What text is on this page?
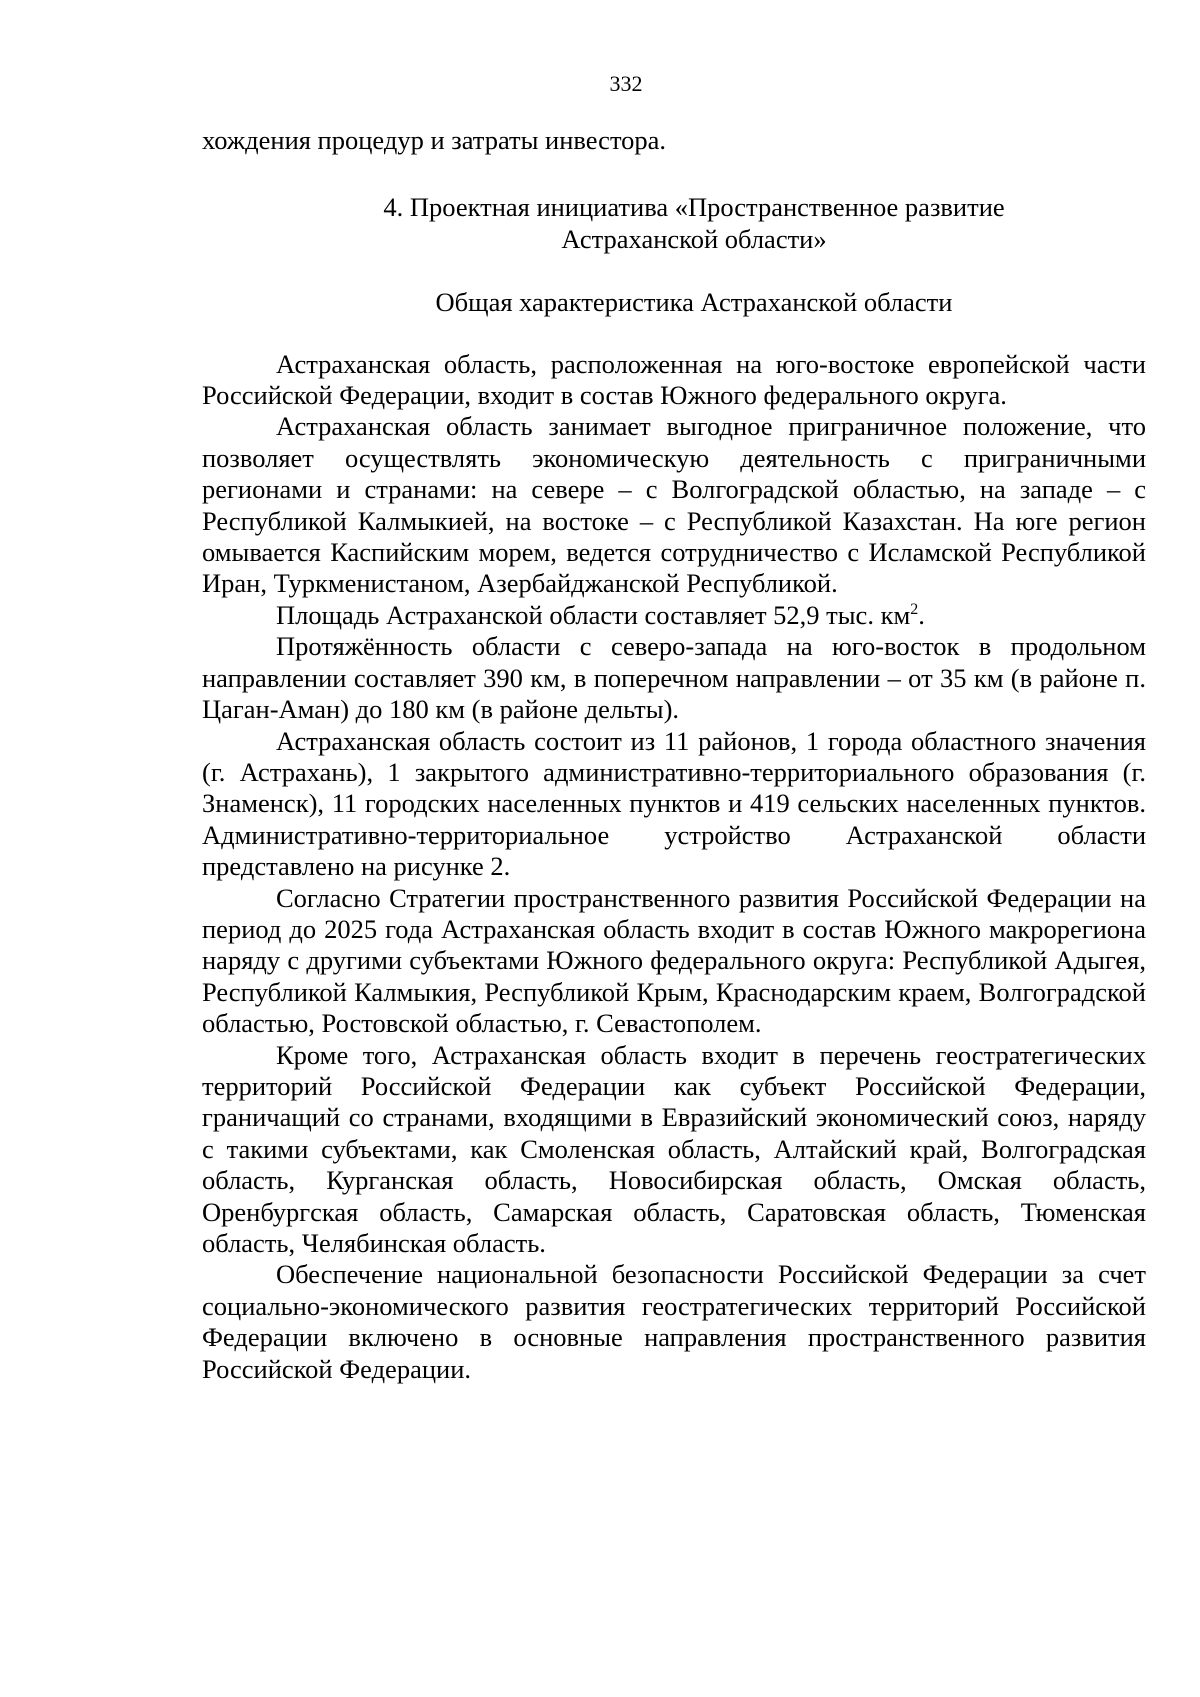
332

хождения процедур и затраты инвестора.

4. Проектная инициатива «Пространственное развитие
Астраханской области»
Общая характеристика Астраханской области

Астраханская область, расположенная на юго-востоке европейской части Российской Федерации, входит в состав Южного федерального округа.

Астраханская область занимает выгодное приграничное положение, что позволяет осуществлять экономическую деятельность с приграничными регионами и странами: на севере – с Волгоградской областью, на западе – с Республикой Калмыкией, на востоке – с Республикой Казахстан. На юге регион омывается Каспийским морем, ведется сотрудничество с Исламской Республикой Иран, Туркменистаном, Азербайджанской Республикой.

Площадь Астраханской области составляет 52,9 тыс. $км^2$.

Протяжённость области с северо-запада на юго-восток в продольном направлении составляет 390 км, в поперечном направлении – от 35 км (в районе п. Цаган-Аман) до 180 км (в районе дельты).

Астраханская область состоит из 11 районов, 1 города областного значения (г. Астрахань), 1 закрытого административно-территориального образования (г. Знаменск), 11 городских населенных пунктов и 419 сельских населенных пунктов. Административно-территориальное устройство Астраханской области представлено на рисунке 2.

Согласно Стратегии пространственного развития Российской Федерации на период до 2025 года Астраханская область входит в состав Южного макрорегиона наряду с другими субъектами Южного федерального округа: Республикой Адыгея, Республикой Калмыкия, Республикой Крым, Краснодарским краем, Волгоградской областью, Ростовской областью, г. Севастополем.

Кроме того, Астраханская область входит в перечень геостратегических территорий Российской Федерации как субъект Российской Федерации, граничащий со странами, входящими в Евразийский экономический союз, наряду с такими субъектами, как Смоленская область, Алтайский край, Волгоградская область, Курганская область, Новосибирская область, Омская область, Оренбургская область, Самарская область, Саратовская область, Тюменская область, Челябинская область.

Обеспечение национальной безопасности Российской Федерации за счет социально-экономического развития геостратегических территорий Российской Федерации включено в основные направления пространственного развития Российской Федерации.
